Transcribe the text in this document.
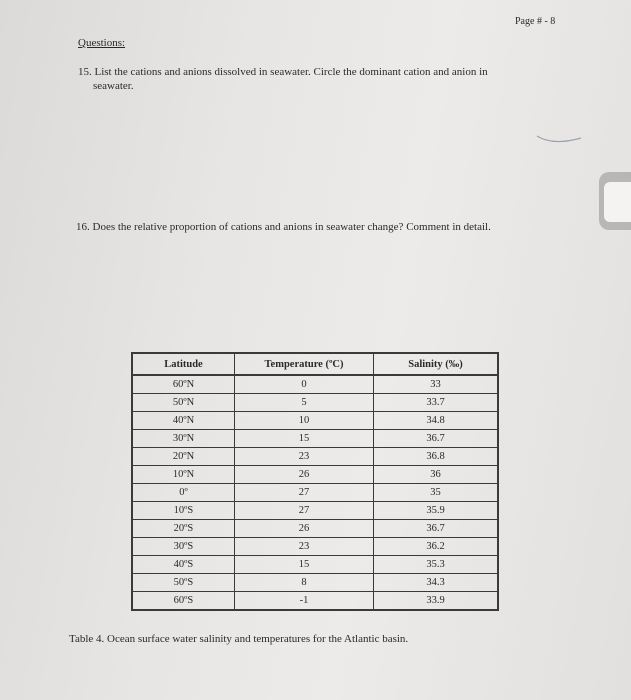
Page # - 8
Questions:
15. List the cations and anions dissolved in seawater. Circle the dominant cation and anion in
seawater.
16. Does the relative proportion of cations and anions in seawater change? Comment in detail.
Latitude	Temperature (ºC)	Salinity (‰)
60ºN	0	33
50ºN	5	33.7
40ºN	10	34.8
30ºN	15	36.7
20ºN	23	36.8
10ºN	26	36
0º	27	35
10ºS	27	35.9
20ºS	26	36.7
30ºS	23	36.2
40ºS	15	35.3
50ºS	8	34.3
60ºS	-1	33.9
Table 4. Ocean surface water salinity and temperatures for the Atlantic basin.
